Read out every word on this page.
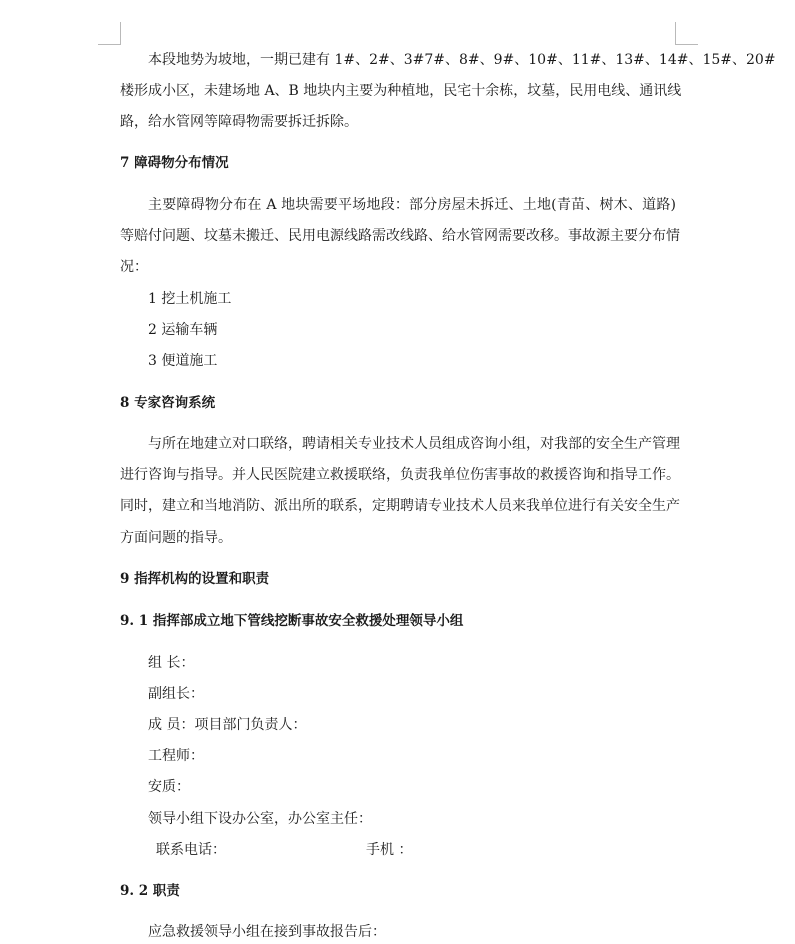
本段地势为坡地，一期已建有 1#、2#、3#7#、8#、9#、10#、11#、13#、14#、15#、20#
楼形成小区，未建场地 A、B 地块内主要为种植地，民宅十余栋，坟墓，民用电线、通讯线
路，给水管网等障碍物需要拆迁拆除。
7 障碍物分布情况
主要障碍物分布在 A 地块需要平场地段：部分房屋未拆迁、土地(青苗、树木、道路)
等赔付问题、坟墓未搬迁、民用电源线路需改线路、给水管网需要改移。事故源主要分布情
况：
1 挖土机施工
2 运输车辆
3 便道施工
8 专家咨询系统
与所在地建立对口联络，聘请相关专业技术人员组成咨询小组，对我部的安全生产管理
进行咨询与指导。并人民医院建立救援联络，负责我单位伤害事故的救援咨询和指导工作。
同时，建立和当地消防、派出所的联系，定期聘请专业技术人员来我单位进行有关安全生产
方面问题的指导。
9 指挥机构的设置和职责
9. 1 指挥部成立地下管线挖断事故安全救援处理领导小组
组 长：
副组长：
成 员：项目部门负责人：
工程师：
安质：
领导小组下设办公室，办公室主任：
联系电话：	手机 ：
9. 2 职责
应急救援领导小组在接到事故报告后：
